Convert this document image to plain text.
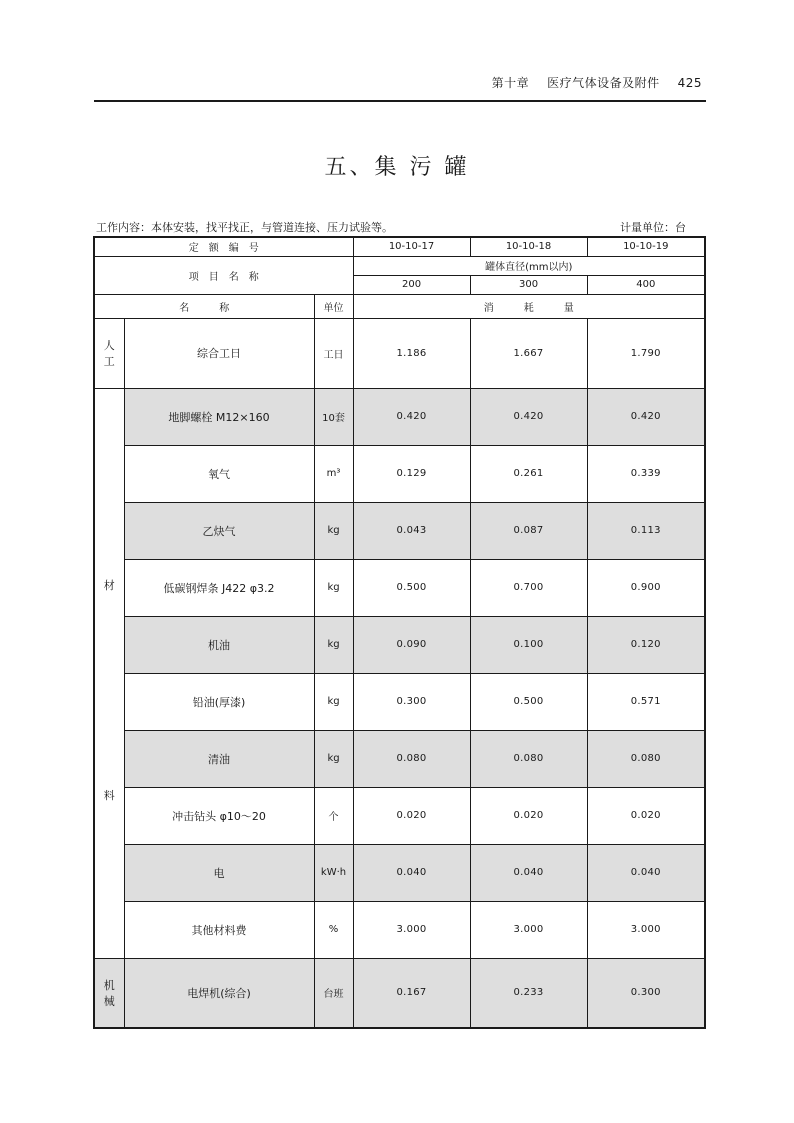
第十章 医疗气体设备及附件 425
五、集 污 罐
工作内容：本体安装，找平找正，与管道连接、压力试验等。	计量单位：台
定　额　编　号			10-10-17	10-10-18	10-10-19
项　目　名　称			罐体直径(mm以内)		
			200	300	400
名　　　称		单位	消　　　耗　　　量		

人
工	综合工日	工日	1.186	1.667	1.790

材
料	地脚螺栓 M12×160	10套	0.420	0.420	0.420
	氧气	m³	0.129	0.261	0.339
	乙炔气	kg	0.043	0.087	0.113
	低碳钢焊条 J422 φ3.2	kg	0.500	0.700	0.900
	机油	kg	0.090	0.100	0.120
	铅油(厚漆)	kg	0.300	0.500	0.571
	清油	kg	0.080	0.080	0.080
	冲击钻头 φ10～20	个	0.020	0.020	0.020
	电	kW·h	0.040	0.040	0.040
	其他材料费	%	3.000	3.000	3.000

机
械	电焊机(综合)	台班	0.167	0.233	0.300
